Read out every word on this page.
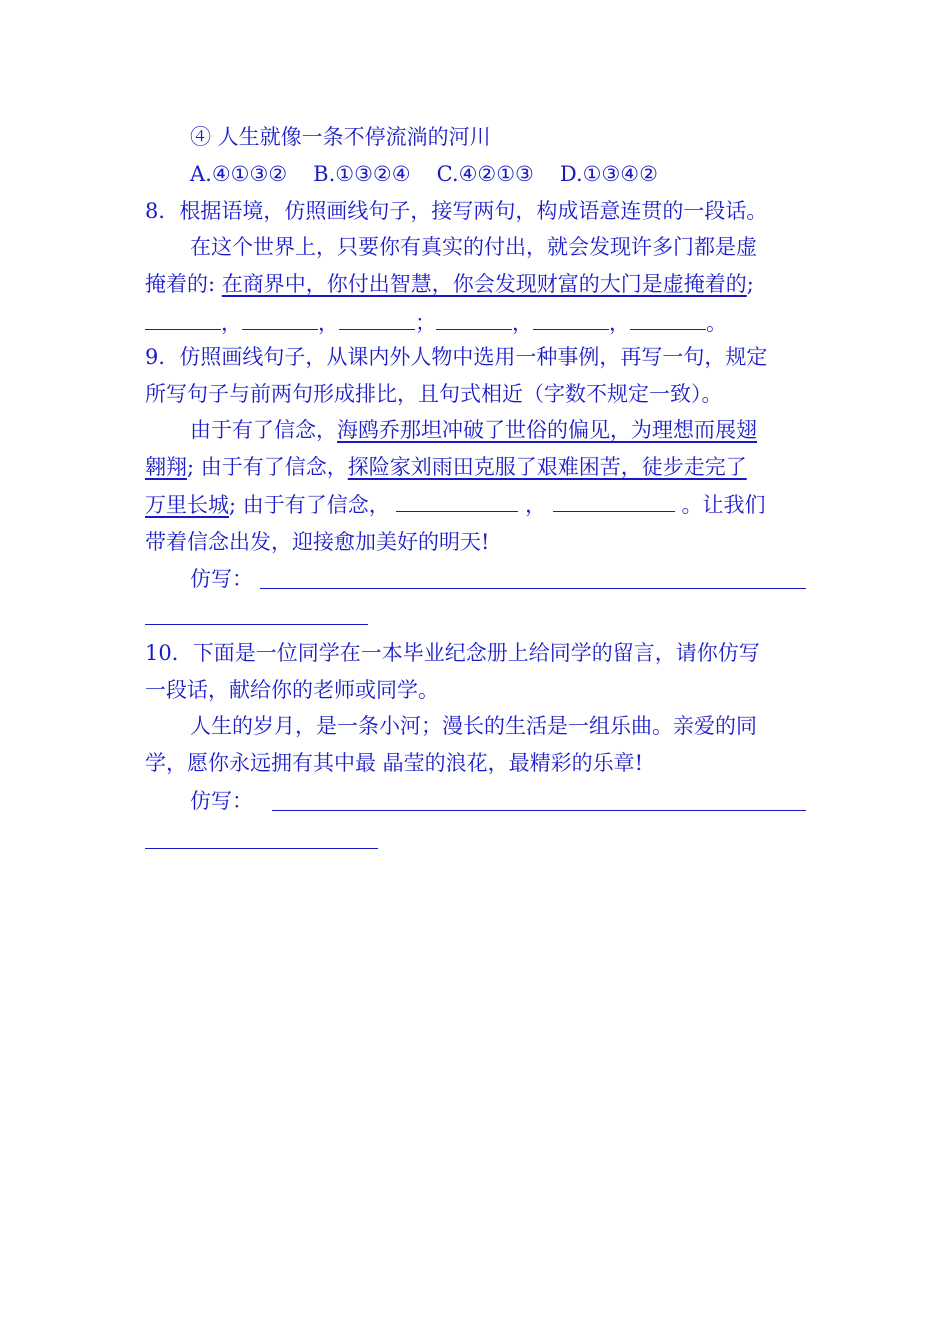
④ 人生就像一条不停流淌的河川
A.④①③② B.①③②④ C.④②①③ D.①③④②
8．根据语境，仿照画线句子，接写两句，构成语意连贯的一段话。
在这个世界上，只要你有真实的付出，就会发现许多门都是虚
掩着的: 在商界中，你付出智慧，你会发现财富的大门是虚掩着的;
，	，	；	，	，	。
9．仿照画线句子，从课内外人物中选用一种事例，再写一句，规定
所写句子与前两句形成排比，且句式相近（字数不规定一致）。
由于有了信念，海鸥乔那坦冲破了世俗的偏见，为理想而展翅
翱翔; 由于有了信念，探险家刘雨田克服了艰难困苦，徒步走完了
万里长城; 由于有了信念，	，	。让我们
带着信念出发，迎接愈加美好的明天!
仿写：
10．下面是一位同学在一本毕业纪念册上给同学的留言，请你仿写
一段话，献给你的老师或同学。
人生的岁月，是一条小河；漫长的生活是一组乐曲。亲爱的同
学，愿你永远拥有其中最 晶莹的浪花，最精彩的乐章!
仿写：
